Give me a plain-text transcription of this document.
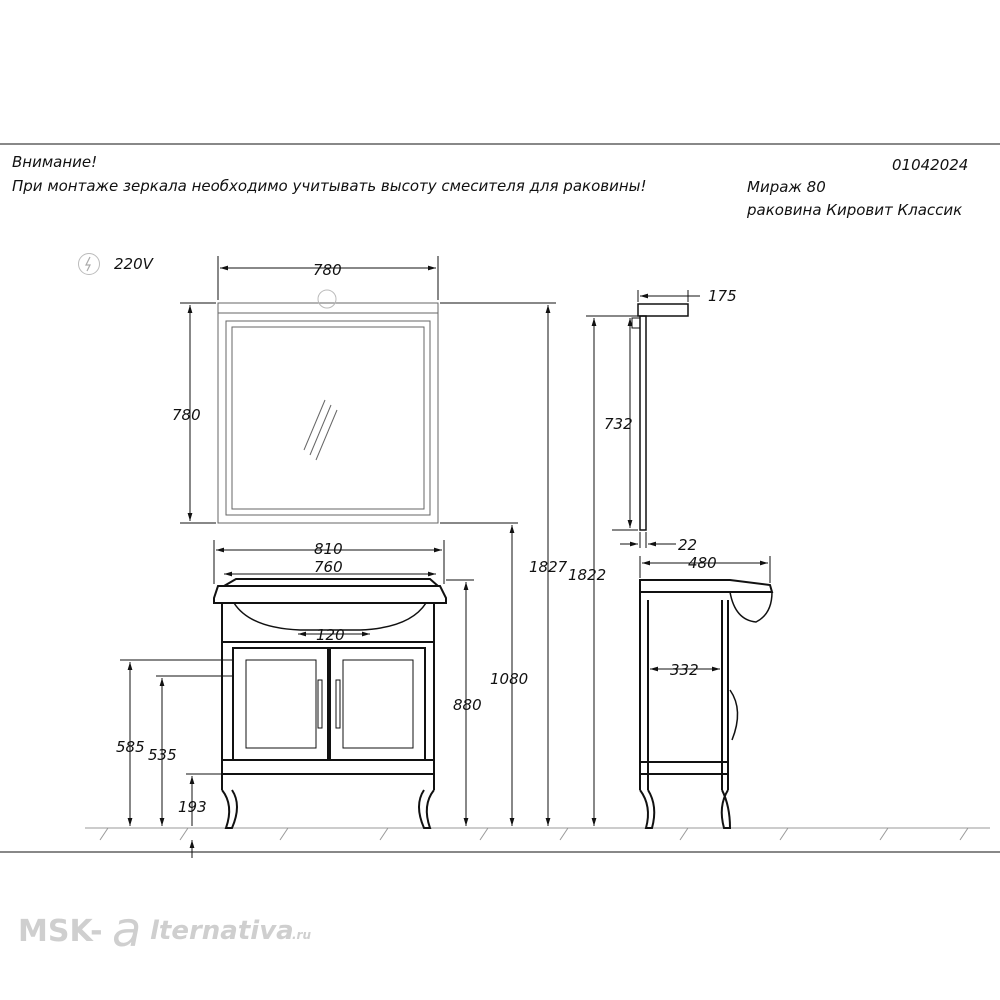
Внимание!
При монтаже зеркала необходимо учитывать высоту смесителя для раковины!
01042024
Мираж 80
раковина Кировит Классик
220V	780
780
810
760
120
1827 1822
1080
880
585 535
193
175
732
22
480
332
MSK- a lternativa
.ru
